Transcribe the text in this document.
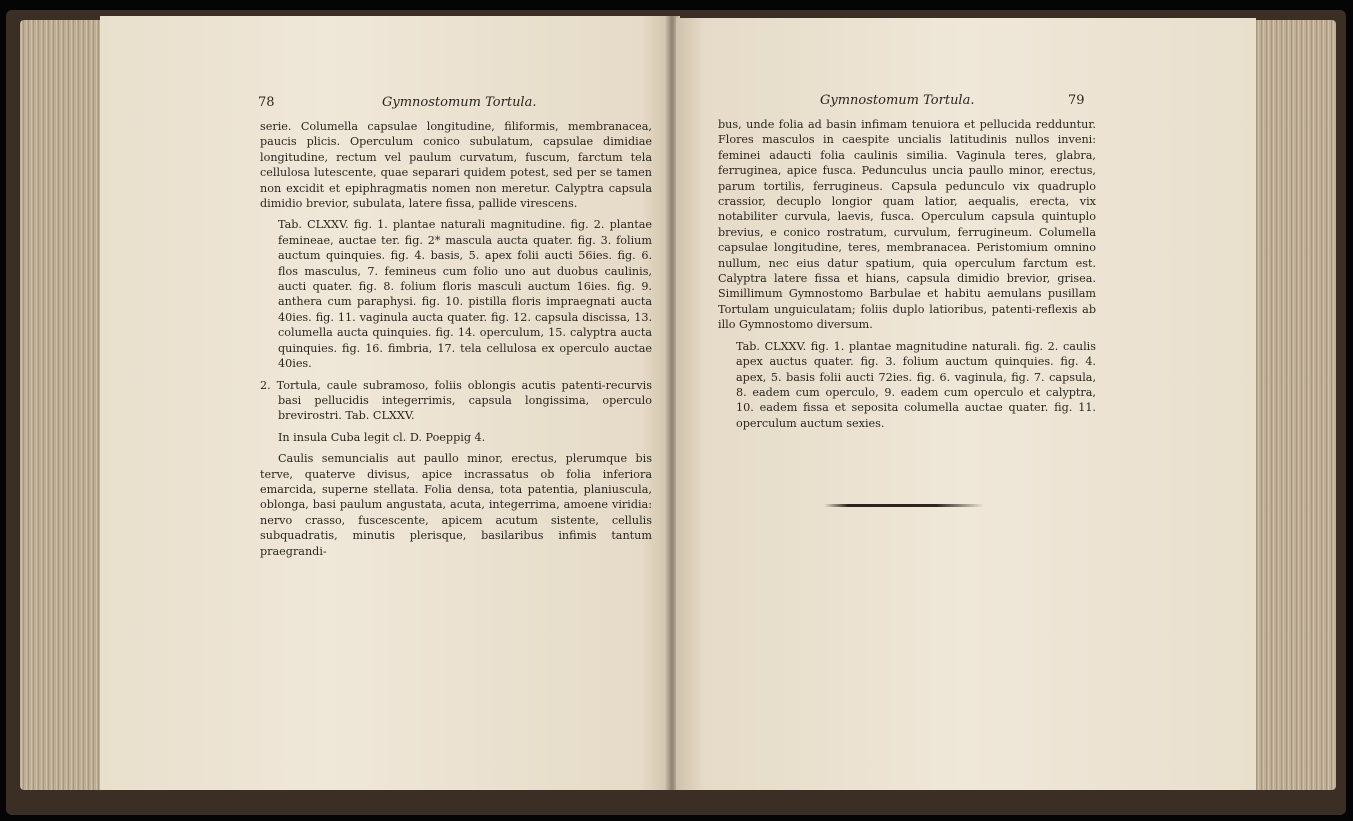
78	Gymnostomum Tortula.

serie. Columella capsulae longitudine, filiformis, membranacea, paucis plicis. Operculum conico subulatum, capsulae dimidiae longitudine, rectum vel paulum curvatum, fuscum, farctum tela cellulosa lutescente, quae separari quidem potest, sed per se tamen non excidit et epiphragmatis nomen non meretur. Calyptra capsula dimidio brevior, subulata, latere fissa, pallide virescens.

Tab. CLXXV. fig. 1. plantae naturali magnitudine. fig. 2. plantae femineae, auctae ter. fig. 2* mascula aucta quater. fig. 3. folium auctum quinquies. fig. 4. basis, 5. apex folii aucti 56ies. fig. 6. flos masculus, 7. femineus cum folio uno aut duobus caulinis, aucti quater. fig. 8. folium floris masculi auctum 16ies. fig. 9. anthera cum paraphysi. fig. 10. pistilla floris impraegnati aucta 40ies. fig. 11. vaginula aucta quater. fig. 12. capsula discissa, 13. columella aucta quinquies. fig. 14. operculum, 15. calyptra aucta quinquies. fig. 16. fimbria, 17. tela cellulosa ex operculo auctae 40ies.

2. Tortula, caule subramoso, foliis oblongis acutis patenti-recurvis basi pellucidis integerrimis, capsula longissima, operculo brevirostri. Tab. CLXXV.

In insula Cuba legit cl. D. Poeppig 4.

Caulis semuncialis aut paullo minor, erectus, plerumque bis terve, quaterve divisus, apice incrassatus ob folia inferiora emarcida, superne stellata. Folia densa, tota patentia, planiuscula, oblonga, basi paulum angustata, acuta, integerrima, amoene viridia: nervo crasso, fuscescente, apicem acutum sistente, cellulis subquadratis, minutis plerisque, basilaribus infimis tantum praegrandi-

Gymnostomum Tortula.	79

bus, unde folia ad basin infimam tenuiora et pellucida redduntur. Flores masculos in caespite uncialis latitudinis nullos inveni: feminei adaucti folia caulinis similia. Vaginula teres, glabra, ferruginea, apice fusca. Pedunculus uncia paullo minor, erectus, parum tortilis, ferrugineus. Capsula pedunculo vix quadruplo crassior, decuplo longior quam latior, aequalis, erecta, vix notabiliter curvula, laevis, fusca. Operculum capsula quintuplo brevius, e conico rostratum, curvulum, ferrugineum. Columella capsulae longitudine, teres, membranacea. Peristomium omnino nullum, nec eius datur spatium, quia operculum farctum est. Calyptra latere fissa et hians, capsula dimidio brevior, grisea. Simillimum Gymnostomo Barbulae et habitu aemulans pusillam Tortulam unguiculatam; foliis duplo latioribus, patenti-reflexis ab illo Gymnostomo diversum.

Tab. CLXXV. fig. 1. plantae magnitudine naturali. fig. 2. caulis apex auctus quater. fig. 3. folium auctum quinquies. fig. 4. apex, 5. basis folii aucti 72ies. fig. 6. vaginula, fig. 7. capsula, 8. eadem cum operculo, 9. eadem cum operculo et calyptra, 10. eadem fissa et seposita columella auctae quater. fig. 11. operculum auctum sexies.
